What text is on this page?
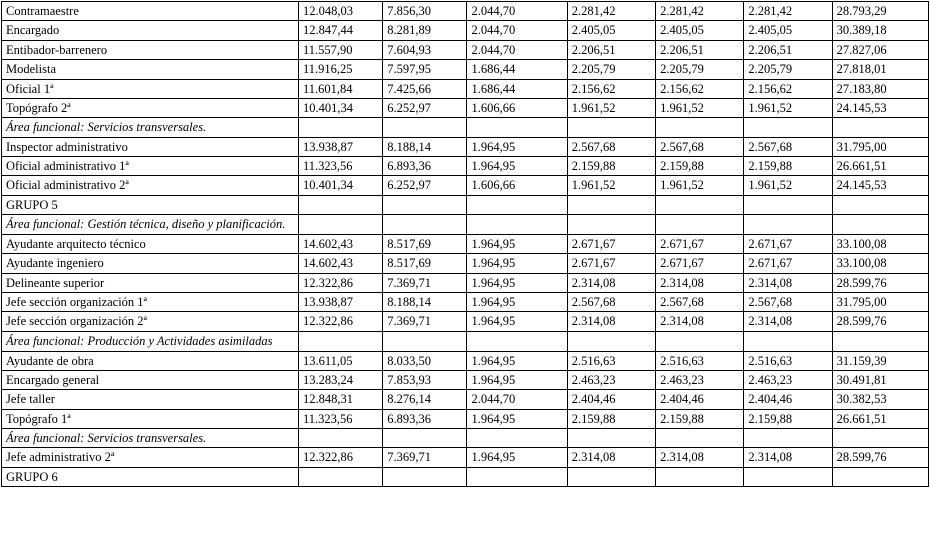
Contramaestre	12.048,03	7.856,30	2.044,70	2.281,42	2.281,42	2.281,42	28.793,29
Encargado	12.847,44	8.281,89	2.044,70	2.405,05	2.405,05	2.405,05	30.389,18
Entibador-barrenero	11.557,90	7.604,93	2.044,70	2.206,51	2.206,51	2.206,51	27.827,06
Modelista	11.916,25	7.597,95	1.686,44	2.205,79	2.205,79	2.205,79	27.818,01
Oficial 1ª	11.601,84	7.425,66	1.686,44	2.156,62	2.156,62	2.156,62	27.183,80
Topógrafo 2ª	10.401,34	6.252,97	1.606,66	1.961,52	1.961,52	1.961,52	24.145,53
Área funcional: Servicios transversales.							
Inspector administrativo	13.938,87	8.188,14	1.964,95	2.567,68	2.567,68	2.567,68	31.795,00
Oficial administrativo 1ª	11.323,56	6.893,36	1.964,95	2.159,88	2.159,88	2.159,88	26.661,51
Oficial administrativo 2ª	10.401,34	6.252,97	1.606,66	1.961,52	1.961,52	1.961,52	24.145,53
GRUPO 5							
Área funcional: Gestión técnica, diseño y planificación.							
Ayudante arquitecto técnico	14.602,43	8.517,69	1.964,95	2.671,67	2.671,67	2.671,67	33.100,08
Ayudante ingeniero	14.602,43	8.517,69	1.964,95	2.671,67	2.671,67	2.671,67	33.100,08
Delineante superior	12.322,86	7.369,71	1.964,95	2.314,08	2.314,08	2.314,08	28.599,76
Jefe sección organización 1ª	13.938,87	8.188,14	1.964,95	2.567,68	2.567,68	2.567,68	31.795,00
Jefe sección organización 2ª	12.322,86	7.369,71	1.964,95	2.314,08	2.314,08	2.314,08	28.599,76
Área funcional: Producción y Actividades asimiladas							
Ayudante de obra	13.611,05	8.033,50	1.964,95	2.516,63	2.516,63	2.516,63	31.159,39
Encargado general	13.283,24	7.853,93	1.964,95	2.463,23	2.463,23	2.463,23	30.491,81
Jefe taller	12.848,31	8.276,14	2.044,70	2.404,46	2.404,46	2.404,46	30.382,53
Topógrafo 1ª	11.323,56	6.893,36	1.964,95	2.159,88	2.159,88	2.159,88	26.661,51
Área funcional: Servicios transversales.							
Jefe administrativo 2ª	12.322,86	7.369,71	1.964,95	2.314,08	2.314,08	2.314,08	28.599,76
GRUPO 6							
